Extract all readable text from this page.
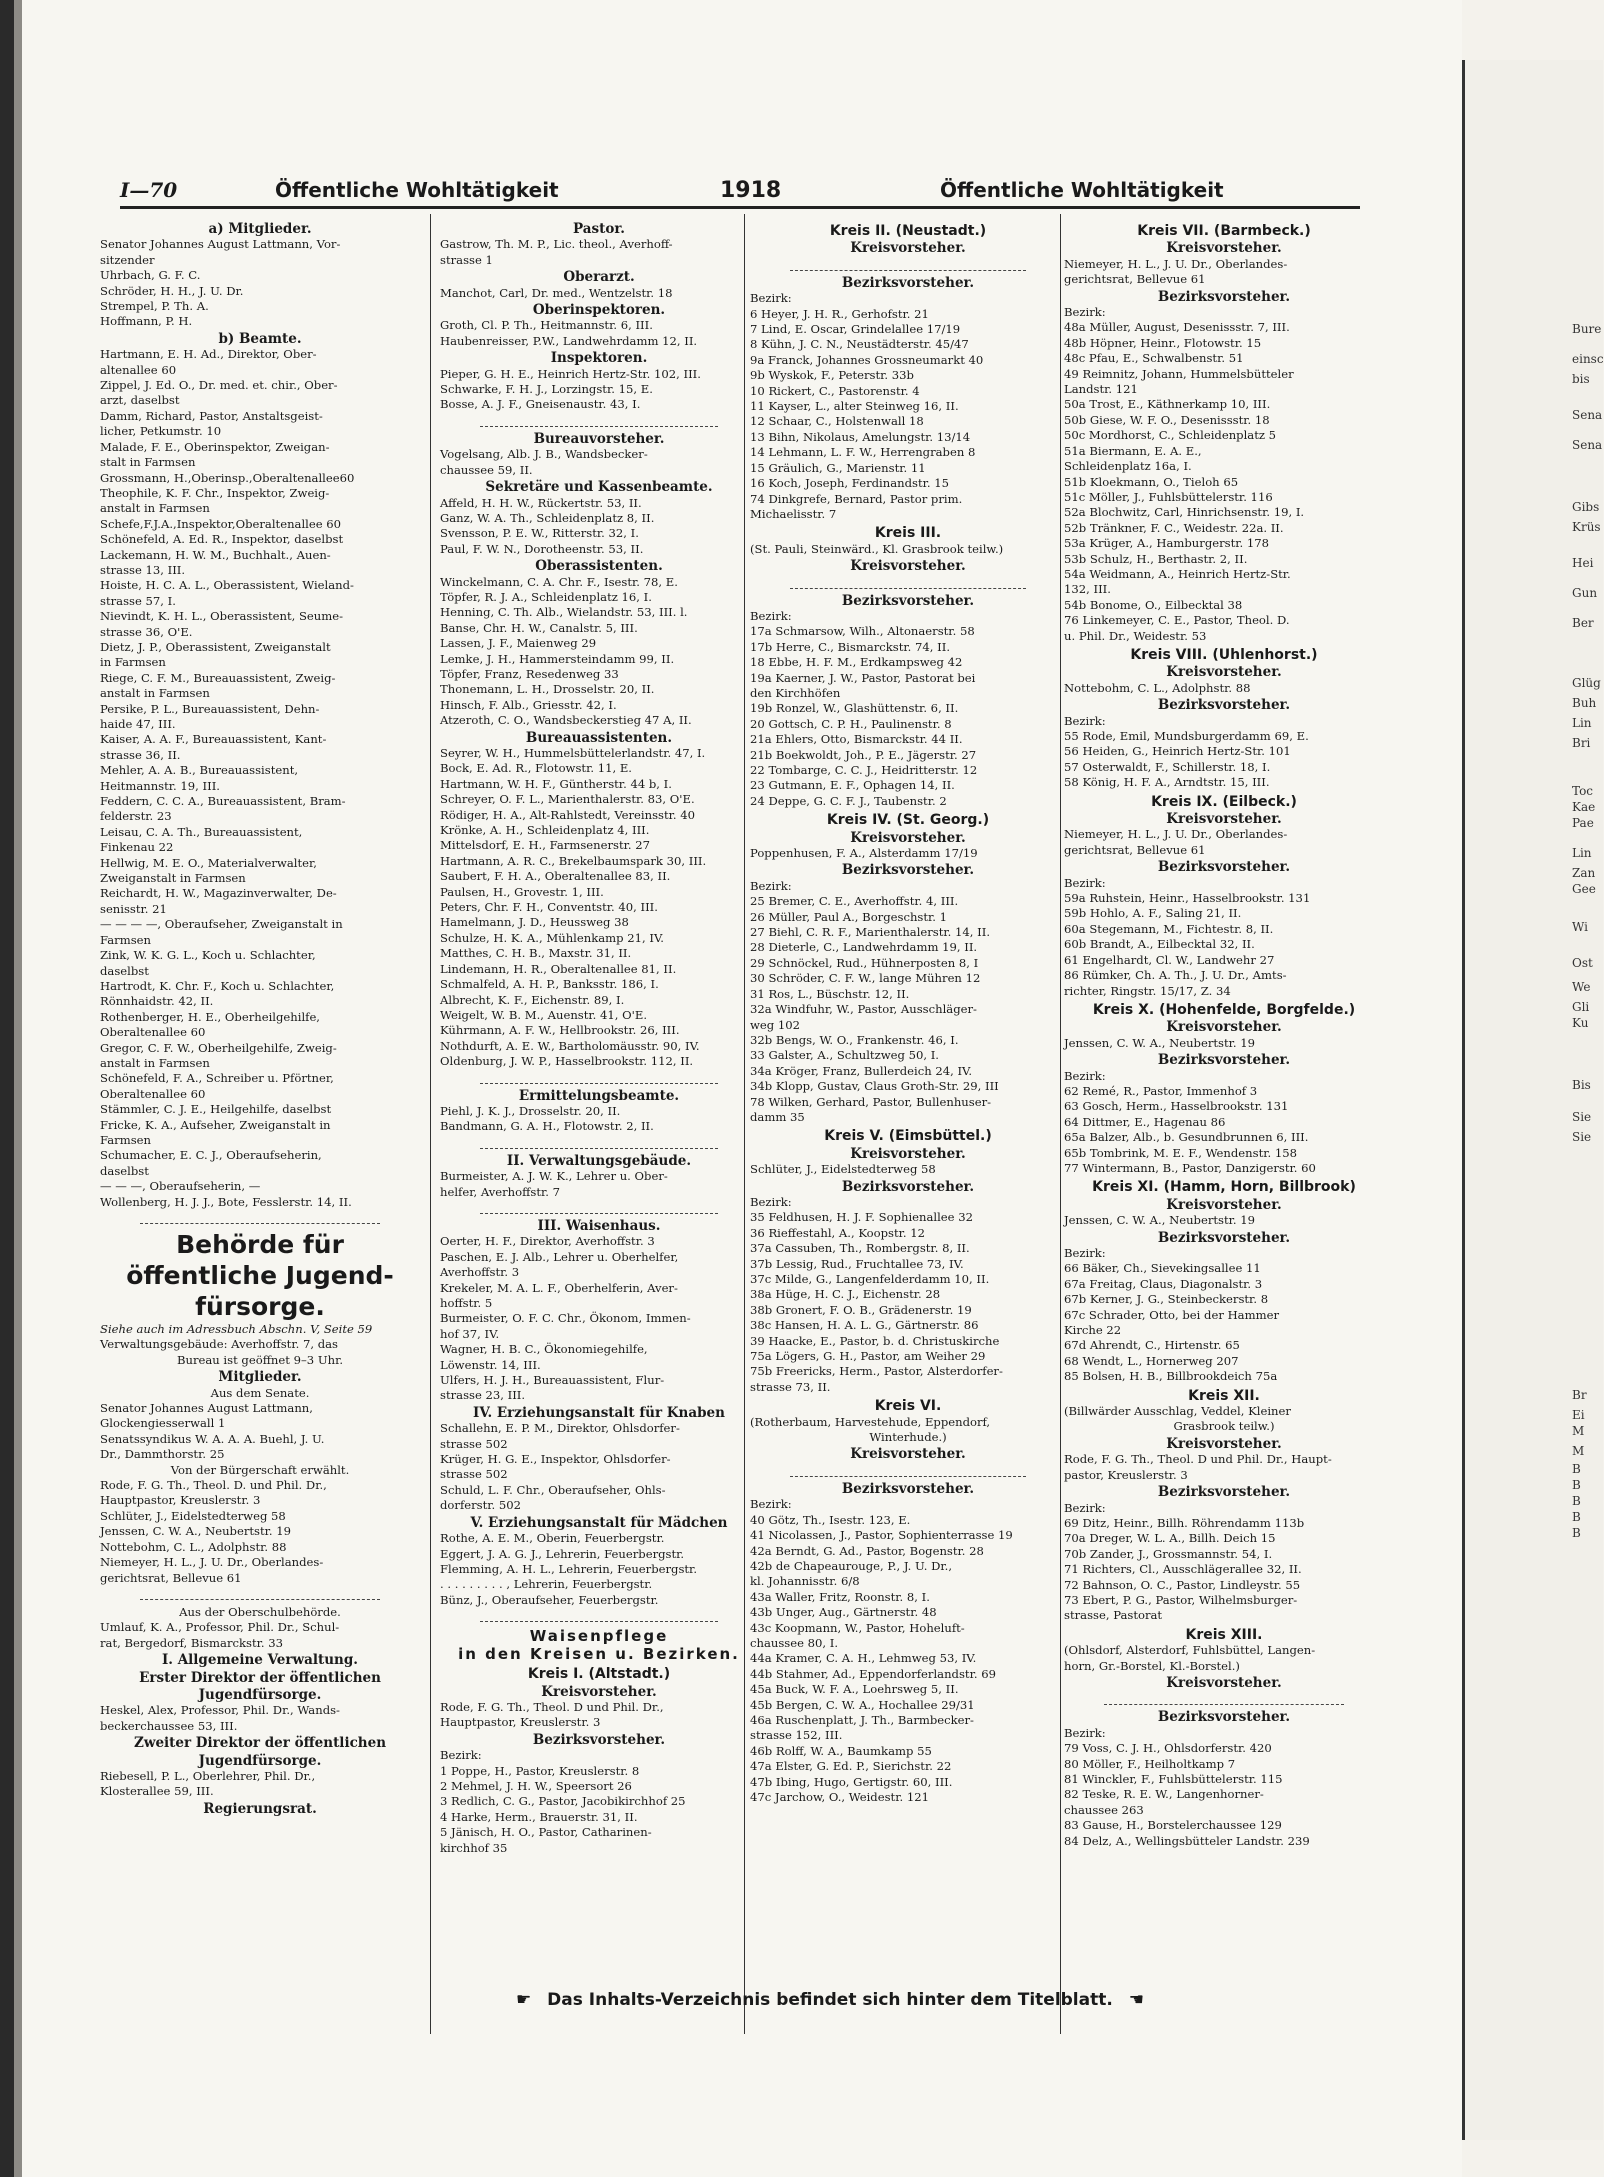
Bure
einsc
bis
Sena
Sena
Gibs
Krüs
Hei
Gun
Ber
Glüg
Buh
Lin
Bri
Toc
Kae
Pae
Lin
Zan
Gee
Wi
Ost
We
Gli
Ku
Bis
Sie
Sie
Br
Ei
M
M
B
B
B
B
B
I—70	Öffentliche Wohltätigkeit	1918	Öffentliche Wohltätigkeit

a) Mitglieder.

Senator Johannes August Lattmann, Vor-

sitzender

Uhrbach, G. F. C.

Schröder, H. H., J. U. Dr.

Strempel, P. Th. A.

Hoffmann, P. H.

b) Beamte.

Hartmann, E. H. Ad., Direktor, Ober-

altenallee 60

Zippel, J. Ed. O., Dr. med. et. chir., Ober-

arzt, daselbst

Damm, Richard, Pastor, Anstaltsgeist-

licher, Petkumstr. 10

Malade, F. E., Oberinspektor, Zweigan-

stalt in Farmsen

Grossmann, H.,Oberinsp.,Oberaltenallee60

Theophile, K. F. Chr., Inspektor, Zweig-

anstalt in Farmsen

Schefe,F.J.A.,Inspektor,Oberaltenallee 60

Schönefeld, A. Ed. R., Inspektor, daselbst

Lackemann, H. W. M., Buchhalt., Auen-

strasse 13, III.

Hoiste, H. C. A. L., Oberassistent, Wieland-

strasse 57, I.

Nievindt, K. H. L., Oberassistent, Seume-

strasse 36, O'E.

Dietz, J. P., Oberassistent, Zweiganstalt

in Farmsen

Riege, C. F. M., Bureauassistent, Zweig-

anstalt in Farmsen

Persike, P. L., Bureauassistent, Dehn-

haide 47, III.

Kaiser, A. A. F., Bureauassistent, Kant-

strasse 36, II.

Mehler, A. A. B., Bureauassistent,

Heitmannstr. 19, III.

Feddern, C. C. A., Bureauassistent, Bram-

felderstr. 23

Leisau, C. A. Th., Bureauassistent,

Finkenau 22

Hellwig, M. E. O., Materialverwalter,

Zweiganstalt in Farmsen

Reichardt, H. W., Magazinverwalter, De-

senisstr. 21

— — — —, Oberaufseher, Zweiganstalt in

Farmsen

Zink, W. K. G. L., Koch u. Schlachter,

daselbst

Hartrodt, K. Chr. F., Koch u. Schlachter,

Rönnhaidstr. 42, II.

Rothenberger, H. E., Oberheilgehilfe,

Oberaltenallee 60

Gregor, C. F. W., Oberheilgehilfe, Zweig-

anstalt in Farmsen

Schönefeld, F. A., Schreiber u. Pförtner,

Oberaltenallee 60

Stämmler, C. J. E., Heilgehilfe, daselbst

Fricke, K. A., Aufseher, Zweiganstalt in

Farmsen

Schumacher, E. C. J., Oberaufseherin,

daselbst

— — —, Oberaufseherin, —

Wollenberg, H. J. J., Bote, Fesslerstr. 14, II.

Behörde für

öffentliche Jugend-

fürsorge.

Siehe auch im Adressbuch Abschn. V, Seite 59

Verwaltungsgebäude: Averhoffstr. 7, das

Bureau ist geöffnet 9–3 Uhr.

Mitglieder.

Aus dem Senate.

Senator Johannes August Lattmann,

Glockengiesserwall 1

Senatssyndikus W. A. A. A. Buehl, J. U.

Dr., Dammthorstr. 25

Von der Bürgerschaft erwählt.

Rode, F. G. Th., Theol. D. und Phil. Dr.,

Hauptpastor, Kreuslerstr. 3

Schlüter, J., Eidelstedterweg 58

Jenssen, C. W. A., Neubertstr. 19

Nottebohm, C. L., Adolphstr. 88

Niemeyer, H. L., J. U. Dr., Oberlandes-

gerichtsrat, Bellevue 61

Aus der Oberschulbehörde.

Umlauf, K. A., Professor, Phil. Dr., Schul-

rat, Bergedorf, Bismarckstr. 33

I. Allgemeine Verwaltung.

Erster Direktor der öffentlichen

Jugendfürsorge.

Heskel, Alex, Professor, Phil. Dr., Wands-

beckerchaussee 53, III.

Zweiter Direktor der öffentlichen

Jugendfürsorge.

Riebesell, P. L., Oberlehrer, Phil. Dr.,

Klosterallee 59, III.

Regierungsrat.

Pastor.

Gastrow, Th. M. P., Lic. theol., Averhoff-

strasse 1

Oberarzt.

Manchot, Carl, Dr. med., Wentzelstr. 18

Oberinspektoren.

Groth, Cl. P. Th., Heitmannstr. 6, III.

Haubenreisser, P.W., Landwehrdamm 12, II.

Inspektoren.

Pieper, G. H. E., Heinrich Hertz-Str. 102, III.

Schwarke, F. H. J., Lorzingstr. 15, E.

Bosse, A. J. F., Gneisenaustr. 43, I.

Bureauvorsteher.

Vogelsang, Alb. J. B., Wandsbecker-

chaussee 59, II.

Sekretäre und Kassenbeamte.

Affeld, H. H. W., Rückertstr. 53, II.

Ganz, W. A. Th., Schleidenplatz 8, II.

Svensson, P. E. W., Ritterstr. 32, I.

Paul, F. W. N., Dorotheenstr. 53, II.

Oberassistenten.

Winckelmann, C. A. Chr. F., Isestr. 78, E.

Töpfer, R. J. A., Schleidenplatz 16, I.

Henning, C. Th. Alb., Wielandstr. 53, III. l.

Banse, Chr. H. W., Canalstr. 5, III.

Lassen, J. F., Maienweg 29

Lemke, J. H., Hammersteindamm 99, II.

Töpfer, Franz, Resedenweg 33

Thonemann, L. H., Drosselstr. 20, II.

Hinsch, F. Alb., Griesstr. 42, I.

Atzeroth, C. O., Wandsbeckerstieg 47 A, II.

Bureauassistenten.

Seyrer, W. H., Hummelsbüttelerlandstr. 47, I.

Bock, E. Ad. R., Flotowstr. 11, E.

Hartmann, W. H. F., Güntherstr. 44 b, I.

Schreyer, O. F. L., Marienthalerstr. 83, O'E.

Rödiger, H. A., Alt-Rahlstedt, Vereinsstr. 40

Krönke, A. H., Schleidenplatz 4, III.

Mittelsdorf, E. H., Farmsenerstr. 27

Hartmann, A. R. C., Brekelbaumspark 30, III.

Saubert, F. H. A., Oberaltenallee 83, II.

Paulsen, H., Grovestr. 1, III.

Peters, Chr. F. H., Conventstr. 40, III.

Hamelmann, J. D., Heussweg 38

Schulze, H. K. A., Mühlenkamp 21, IV.

Matthes, C. H. B., Maxstr. 31, II.

Lindemann, H. R., Oberaltenallee 81, II.

Schmalfeld, A. H. P., Banksstr. 186, I.

Albrecht, K. F., Eichenstr. 89, I.

Weigelt, W. B. M., Auenstr. 41, O'E.

Kührmann, A. F. W., Hellbrookstr. 26, III.

Nothdurft, A. E. W., Bartholomäusstr. 90, IV.

Oldenburg, J. W. P., Hasselbrookstr. 112, II.

Ermittelungsbeamte.

Piehl, J. K. J., Drosselstr. 20, II.

Bandmann, G. A. H., Flotowstr. 2, II.

II. Verwaltungsgebäude.

Burmeister, A. J. W. K., Lehrer u. Ober-

helfer, Averhoffstr. 7

III. Waisenhaus.

Oerter, H. F., Direktor, Averhoffstr. 3

Paschen, E. J. Alb., Lehrer u. Oberhelfer,

Averhoffstr. 3

Krekeler, M. A. L. F., Oberhelferin, Aver-

hoffstr. 5

Burmeister, O. F. C. Chr., Ökonom, Immen-

hof 37, IV.

Wagner, H. B. C., Ökonomiegehilfe,

Löwenstr. 14, III.

Ulfers, H. J. H., Bureauassistent, Flur-

strasse 23, III.

IV. Erziehungsanstalt für Knaben

Schallehn, E. P. M., Direktor, Ohlsdorfer-

strasse 502

Krüger, H. G. E., Inspektor, Ohlsdorfer-

strasse 502

Schuld, L. F. Chr., Oberaufseher, Ohls-

dorferstr. 502

V. Erziehungsanstalt für Mädchen

Rothe, A. E. M., Oberin, Feuerbergstr.

Eggert, J. A. G. J., Lehrerin, Feuerbergstr.

Flemming, A. H. L., Lehrerin, Feuerbergstr.

. . . . . . . . . , Lehrerin, Feuerbergstr.

Bünz, J., Oberaufseher, Feuerbergstr.

Waisenpflege

in den Kreisen u. Bezirken.

Kreis I. (Altstadt.)

Kreisvorsteher.

Rode, F. G. Th., Theol. D und Phil. Dr.,

Hauptpastor, Kreuslerstr. 3

Bezirksvorsteher.

Bezirk:

1 Poppe, H., Pastor, Kreuslerstr. 8

2 Mehmel, J. H. W., Speersort 26

3 Redlich, C. G., Pastor, Jacobikirchhof 25

4 Harke, Herm., Brauerstr. 31, II.

5 Jänisch, H. O., Pastor, Catharinen-

kirchhof 35

Kreis II. (Neustadt.)

Kreisvorsteher.

Bezirksvorsteher.

Bezirk:

6 Heyer, J. H. R., Gerhofstr. 21

7 Lind, E. Oscar, Grindelallee 17/19

8 Kühn, J. C. N., Neustädterstr. 45/47

9a Franck, Johannes Grossneumarkt 40

9b Wyskok, F., Peterstr. 33b

10 Rickert, C., Pastorenstr. 4

11 Kayser, L., alter Steinweg 16, II.

12 Schaar, C., Holstenwall 18

13 Bihn, Nikolaus, Amelungstr. 13/14

14 Lehmann, L. F. W., Herrengraben 8

15 Gräulich, G., Marienstr. 11

16 Koch, Joseph, Ferdinandstr. 15

74 Dinkgrefe, Bernard, Pastor prim.

Michaelisstr. 7

Kreis III.

(St. Pauli, Steinwärd., Kl. Grasbrook teilw.)

Kreisvorsteher.

Bezirksvorsteher.

Bezirk:

17a Schmarsow, Wilh., Altonaerstr. 58

17b Herre, C., Bismarckstr. 74, II.

18 Ebbe, H. F. M., Erdkampsweg 42

19a Kaerner, J. W., Pastor, Pastorat bei

den Kirchhöfen

19b Ronzel, W., Glashüttenstr. 6, II.

20 Gottsch, C. P. H., Paulinenstr. 8

21a Ehlers, Otto, Bismarckstr. 44 II.

21b Boekwoldt, Joh., P. E., Jägerstr. 27

22 Tombarge, C. C. J., Heidritterstr. 12

23 Gutmann, E. F., Ophagen 14, II.

24 Deppe, G. C. F. J., Taubenstr. 2

Kreis IV. (St. Georg.)

Kreisvorsteher.

Poppenhusen, F. A., Alsterdamm 17/19

Bezirksvorsteher.

Bezirk:

25 Bremer, C. E., Averhoffstr. 4, III.

26 Müller, Paul A., Borgeschstr. 1

27 Biehl, C. R. F., Marienthalerstr. 14, II.

28 Dieterle, C., Landwehrdamm 19, II.

29 Schnöckel, Rud., Hühnerposten 8, I

30 Schröder, C. F. W., lange Mühren 12

31 Ros, L., Büschstr. 12, II.

32a Windfuhr, W., Pastor, Ausschläger-

weg 102

32b Bengs, W. O., Frankenstr. 46, I.

33 Galster, A., Schultzweg 50, I.

34a Kröger, Franz, Bullerdeich 24, IV.

34b Klopp, Gustav, Claus Groth-Str. 29, III

78 Wilken, Gerhard, Pastor, Bullenhuser-

damm 35

Kreis V. (Eimsbüttel.)

Kreisvorsteher.

Schlüter, J., Eidelstedterweg 58

Bezirksvorsteher.

Bezirk:

35 Feldhusen, H. J. F. Sophienallee 32

36 Rieffestahl, A., Koopstr. 12

37a Cassuben, Th., Rombergstr. 8, II.

37b Lessig, Rud., Fruchtallee 73, IV.

37c Milde, G., Langenfelderdamm 10, II.

38a Hüge, H. C. J., Eichenstr. 28

38b Gronert, F. O. B., Grädenerstr. 19

38c Hansen, H. A. L. G., Gärtnerstr. 86

39 Haacke, E., Pastor, b. d. Christuskirche

75a Lögers, G. H., Pastor, am Weiher 29

75b Freericks, Herm., Pastor, Alsterdorfer-

strasse 73, II.

Kreis VI.

(Rotherbaum, Harvestehude, Eppendorf,

Winterhude.)

Kreisvorsteher.

Bezirksvorsteher.

Bezirk:

40 Götz, Th., Isestr. 123, E.

41 Nicolassen, J., Pastor, Sophienterrasse 19

42a Berndt, G. Ad., Pastor, Bogenstr. 28

42b de Chapeaurouge, P., J. U. Dr.,

kl. Johannisstr. 6/8

43a Waller, Fritz, Roonstr. 8, I.

43b Unger, Aug., Gärtnerstr. 48

43c Koopmann, W., Pastor, Hoheluft-

chaussee 80, I.

44a Kramer, C. A. H., Lehmweg 53, IV.

44b Stahmer, Ad., Eppendorferlandstr. 69

45a Buck, W. F. A., Loehrsweg 5, II.

45b Bergen, C. W. A., Hochallee 29/31

46a Ruschenplatt, J. Th., Barmbecker-

strasse 152, III.

46b Rolff, W. A., Baumkamp 55

47a Elster, G. Ed. P., Sierichstr. 22

47b Ibing, Hugo, Gertigstr. 60, III.

47c Jarchow, O., Weidestr. 121

Kreis VII. (Barmbeck.)

Kreisvorsteher.

Niemeyer, H. L., J. U. Dr., Oberlandes-

gerichtsrat, Bellevue 61

Bezirksvorsteher.

Bezirk:

48a Müller, August, Desenissstr. 7, III.

48b Höpner, Heinr., Flotowstr. 15

48c Pfau, E., Schwalbenstr. 51

49 Reimnitz, Johann, Hummelsbütteler

Landstr. 121

50a Trost, E., Käthnerkamp 10, III.

50b Giese, W. F. O., Desenissstr. 18

50c Mordhorst, C., Schleidenplatz 5

51a Biermann, E. A. E.,

Schleidenplatz 16a, I.

51b Kloekmann, O., Tieloh 65

51c Möller, J., Fuhlsbüttelerstr. 116

52a Blochwitz, Carl, Hinrichsenstr. 19, I.

52b Tränkner, F. C., Weidestr. 22a. II.

53a Krüger, A., Hamburgerstr. 178

53b Schulz, H., Berthastr. 2, II.

54a Weidmann, A., Heinrich Hertz-Str.

132, III.

54b Bonome, O., Eilbecktal 38

76 Linkemeyer, C. E., Pastor, Theol. D.

u. Phil. Dr., Weidestr. 53

Kreis VIII. (Uhlenhorst.)

Kreisvorsteher.

Nottebohm, C. L., Adolphstr. 88

Bezirksvorsteher.

Bezirk:

55 Rode, Emil, Mundsburgerdamm 69, E.

56 Heiden, G., Heinrich Hertz-Str. 101

57 Osterwaldt, F., Schillerstr. 18, I.

58 König, H. F. A., Arndtstr. 15, III.

Kreis IX. (Eilbeck.)

Kreisvorsteher.

Niemeyer, H. L., J. U. Dr., Oberlandes-

gerichtsrat, Bellevue 61

Bezirksvorsteher.

Bezirk:

59a Ruhstein, Heinr., Hasselbrookstr. 131

59b Hohlo, A. F., Saling 21, II.

60a Stegemann, M., Fichtestr. 8, II.

60b Brandt, A., Eilbecktal 32, II.

61 Engelhardt, Cl. W., Landwehr 27

86 Rümker, Ch. A. Th., J. U. Dr., Amts-

richter, Ringstr. 15/17, Z. 34

Kreis X. (Hohenfelde, Borgfelde.)

Kreisvorsteher.

Jenssen, C. W. A., Neubertstr. 19

Bezirksvorsteher.

Bezirk:

62 Remé, R., Pastor, Immenhof 3

63 Gosch, Herm., Hasselbrookstr. 131

64 Dittmer, E., Hagenau 86

65a Balzer, Alb., b. Gesundbrunnen 6, III.

65b Tombrink, M. E. F., Wendenstr. 158

77 Wintermann, B., Pastor, Danzigerstr. 60

Kreis XI. (Hamm, Horn, Billbrook)

Kreisvorsteher.

Jenssen, C. W. A., Neubertstr. 19

Bezirksvorsteher.

Bezirk:

66 Bäker, Ch., Sievekingsallee 11

67a Freitag, Claus, Diagonalstr. 3

67b Kerner, J. G., Steinbeckerstr. 8

67c Schrader, Otto, bei der Hammer

Kirche 22

67d Ahrendt, C., Hirtenstr. 65

68 Wendt, L., Hornerweg 207

85 Bolsen, H. B., Billbrookdeich 75a

Kreis XII.

(Billwärder Ausschlag, Veddel, Kleiner

Grasbrook teilw.)

Kreisvorsteher.

Rode, F. G. Th., Theol. D und Phil. Dr., Haupt-

pastor, Kreuslerstr. 3

Bezirksvorsteher.

Bezirk:

69 Ditz, Heinr., Billh. Röhrendamm 113b

70a Dreger, W. L. A., Billh. Deich 15

70b Zander, J., Grossmannstr. 54, I.

71 Richters, Cl., Ausschlägerallee 32, II.

72 Bahnson, O. C., Pastor, Lindleystr. 55

73 Ebert, P. G., Pastor, Wilhelmsburger-

strasse, Pastorat

Kreis XIII.

(Ohlsdorf, Alsterdorf, Fuhlsbüttel, Langen-

horn, Gr.-Borstel, Kl.-Borstel.)

Kreisvorsteher.

Bezirksvorsteher.

Bezirk:

79 Voss, C. J. H., Ohlsdorferstr. 420

80 Möller, F., Heilholtkamp 7

81 Winckler, F., Fuhlsbüttelerstr. 115

82 Teske, R. E. W., Langenhorner-

chaussee 263

83 Gause, H., Borstelerchaussee 129

84 Delz, A., Wellingsbütteler Landstr. 239

☛ Das Inhalts-Verzeichnis befindet sich hinter dem Titelblatt. ☚
